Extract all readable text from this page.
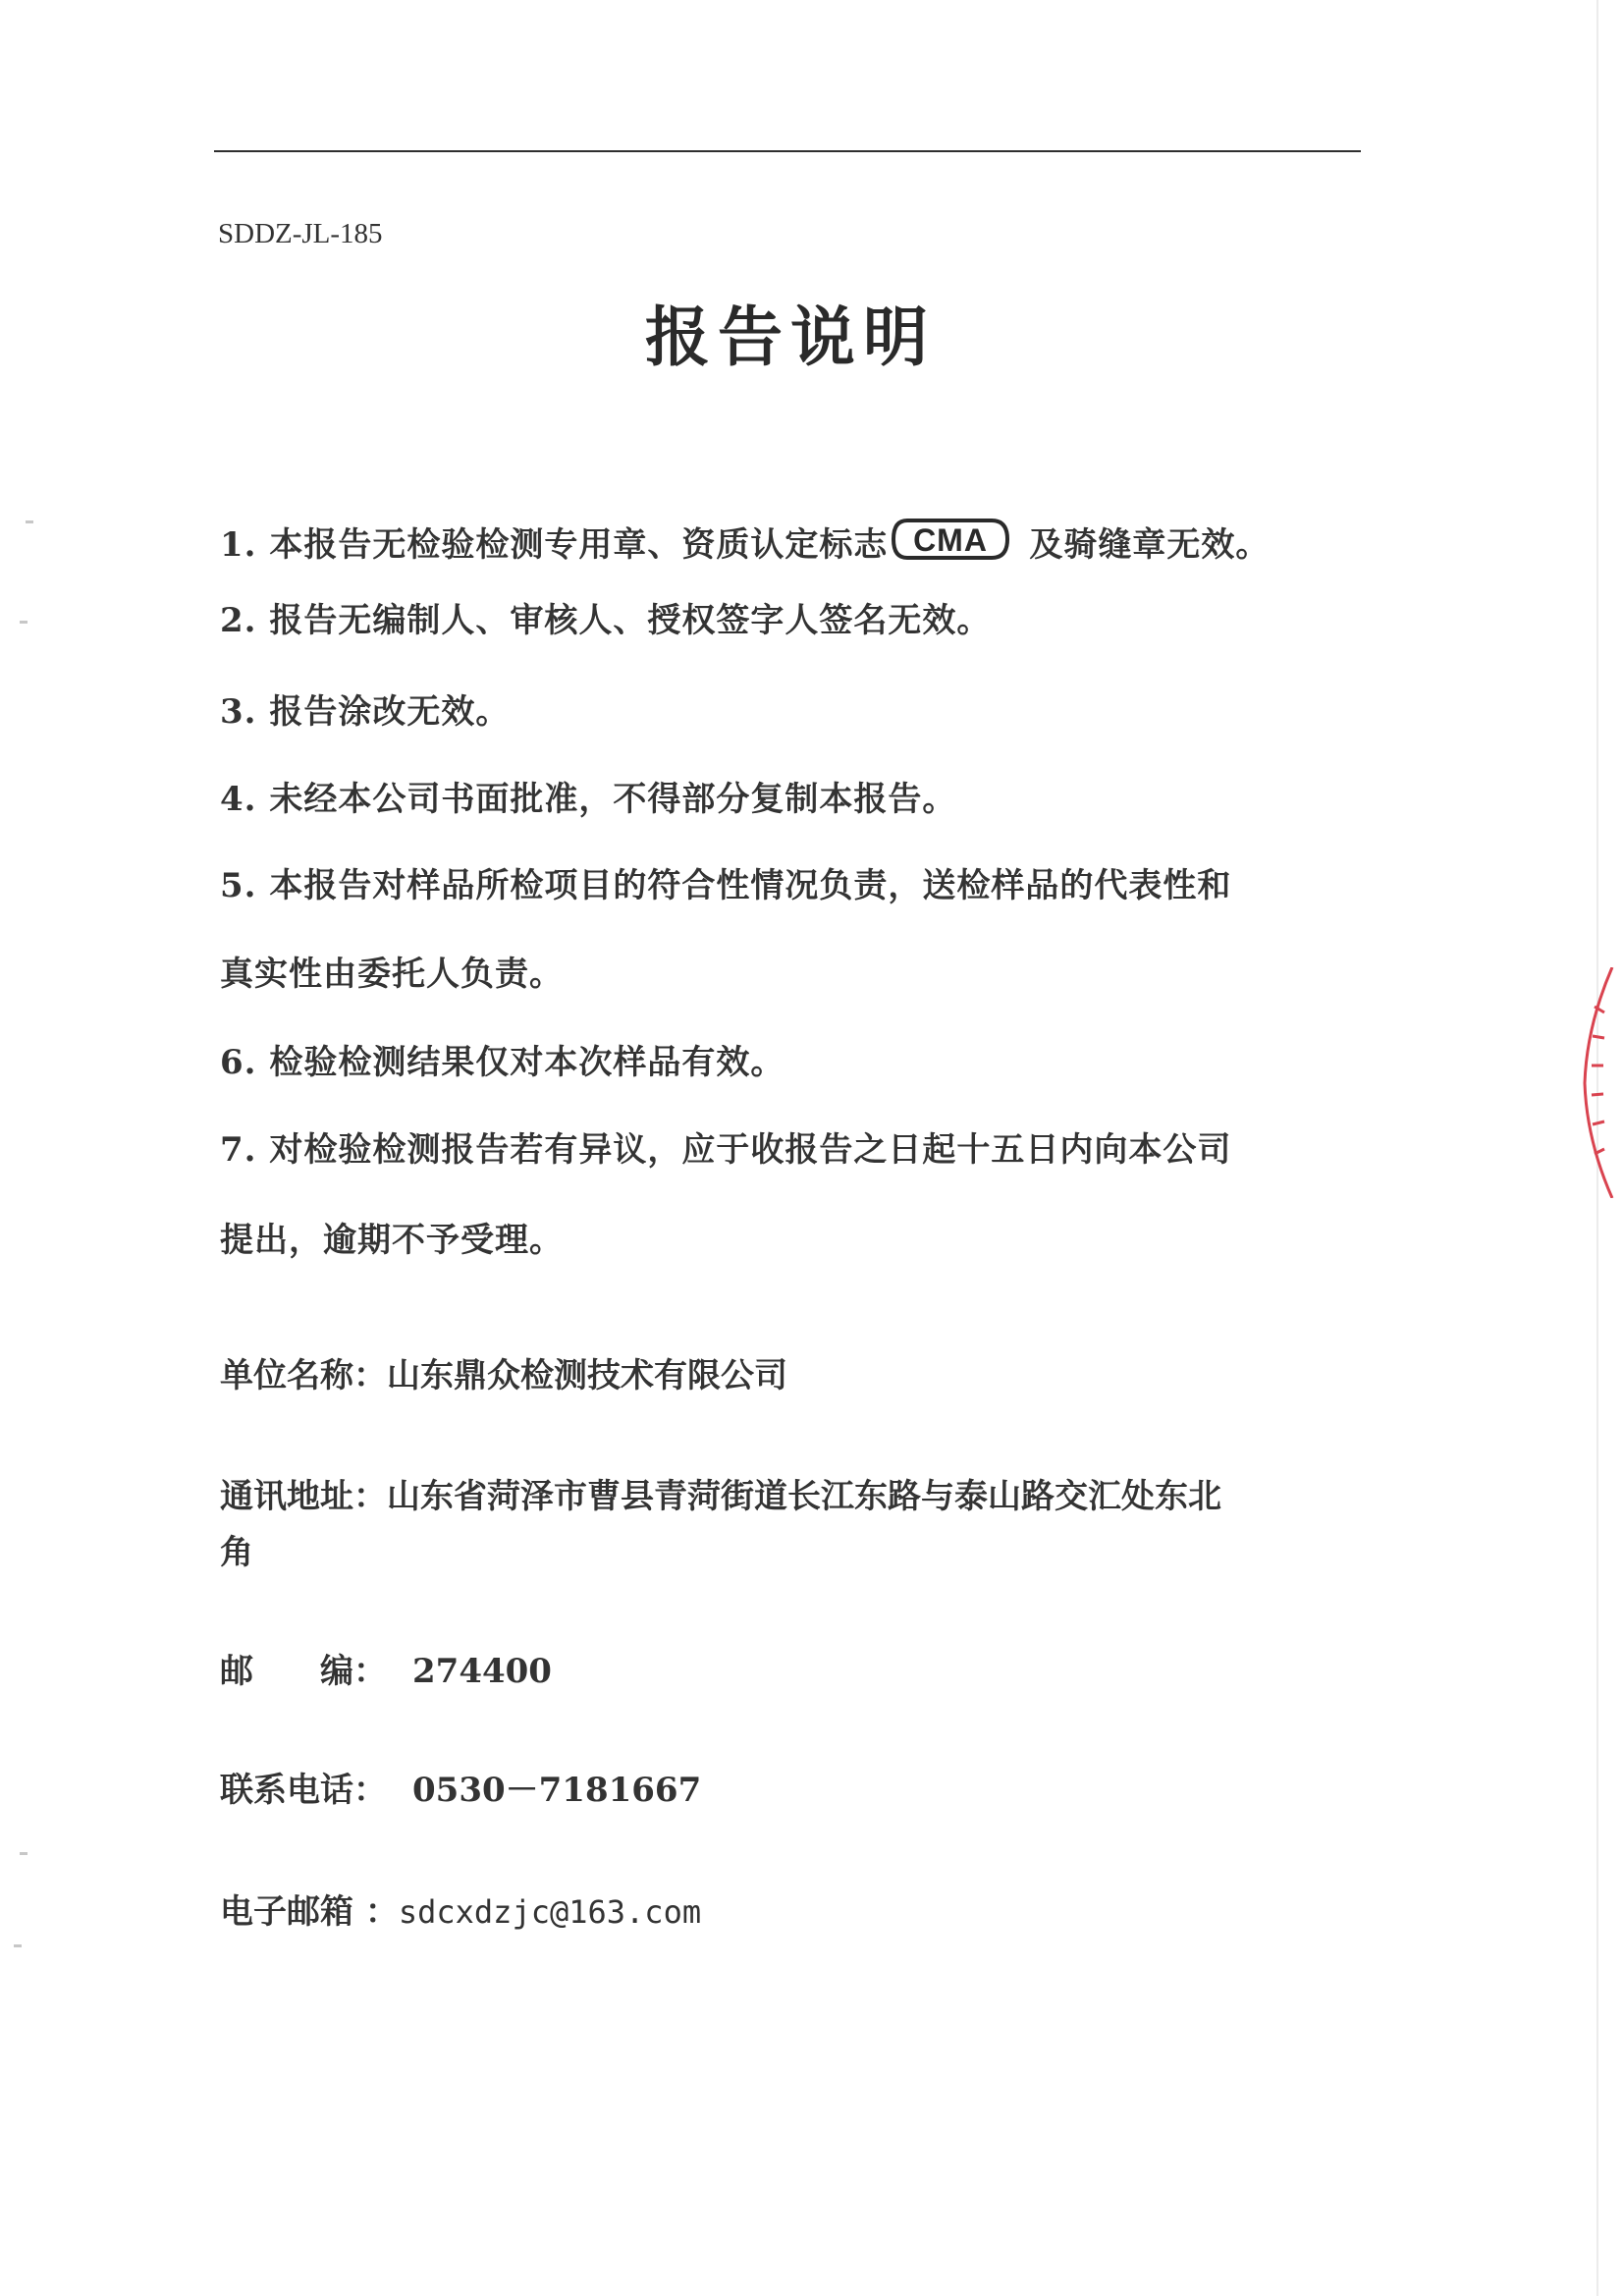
SDDZ-JL-185
报告说明
1. 本报告无检验检测专用章、资质认定标志 CMA 及骑缝章无效。
2. 报告无编制人、审核人、授权签字人签名无效。
3. 报告涂改无效。
4. 未经本公司书面批准，不得部分复制本报告。
5. 本报告对样品所检项目的符合性情况负责，送检样品的代表性和
真实性由委托人负责。
6. 检验检测结果仅对本次样品有效。
7. 对检验检测报告若有异议，应于收报告之日起十五日内向本公司
提出，逾期不予受理。
单位名称：山东鼎众检测技术有限公司
通讯地址：山东省菏泽市曹县青菏街道长江东路与泰山路交汇处东北
角
邮　　编： 274400
联系电话： 0530－7181667
电子邮箱 ：sdcxdzjc@163.com
